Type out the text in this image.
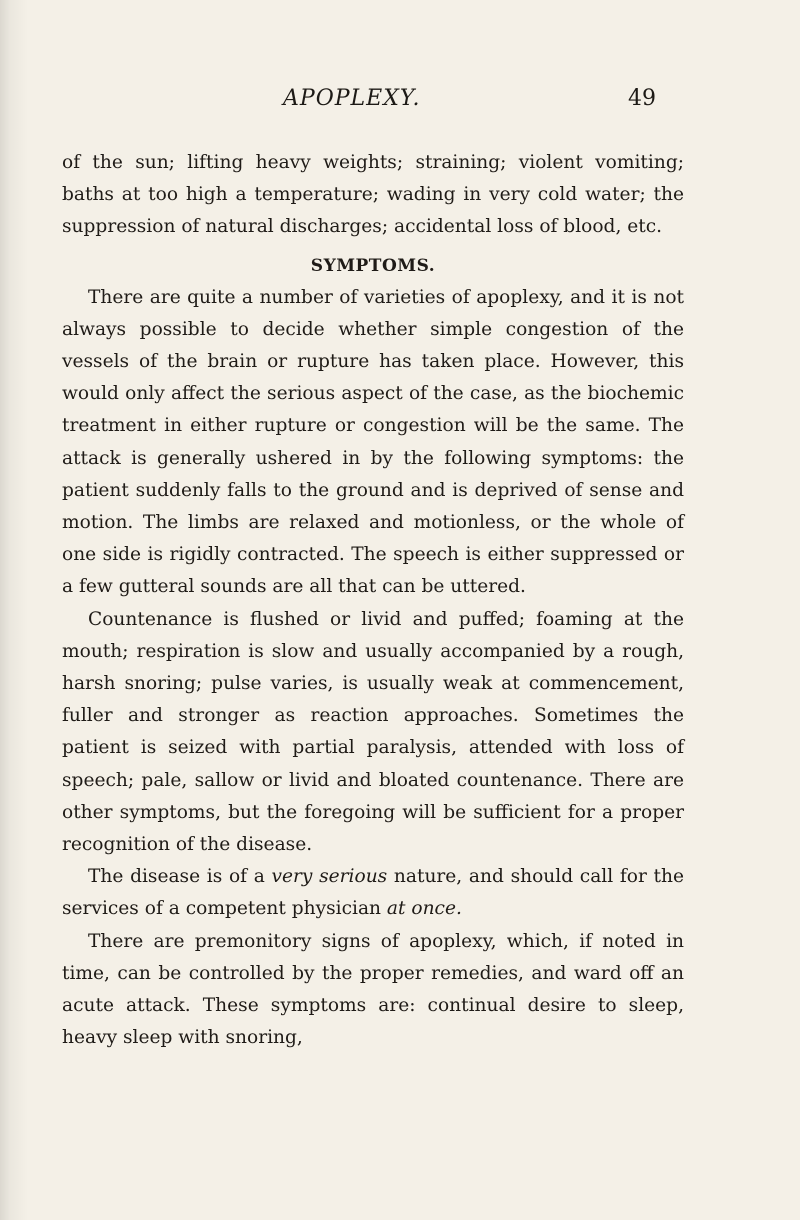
APOPLEXY.	49

of the sun; lifting heavy weights; straining; violent vomiting; baths at too high a temperature; wading in very cold water; the suppression of natural discharges; accidental loss of blood, etc.

SYMPTOMS.

There are quite a number of varieties of apoplexy, and it is not always possible to decide whether simple congestion of the vessels of the brain or rupture has taken place. However, this would only affect the serious aspect of the case, as the biochemic treatment in either rupture or congestion will be the same. The attack is generally ushered in by the following symptoms: the patient suddenly falls to the ground and is deprived of sense and motion. The limbs are relaxed and motionless, or the whole of one side is rigidly contracted. The speech is either suppressed or a few gutteral sounds are all that can be uttered.

Countenance is flushed or livid and puffed; foaming at the mouth; respiration is slow and usually accompanied by a rough, harsh snoring; pulse varies, is usually weak at commencement, fuller and stronger as reaction approaches. Sometimes the patient is seized with partial paralysis, attended with loss of speech; pale, sallow or livid and bloated countenance. There are other symptoms, but the foregoing will be sufficient for a proper recognition of the disease.

The disease is of a very serious nature, and should call for the services of a competent physician at once.

There are premonitory signs of apoplexy, which, if noted in time, can be controlled by the proper remedies, and ward off an acute attack. These symptoms are: continual desire to sleep, heavy sleep with snoring,
